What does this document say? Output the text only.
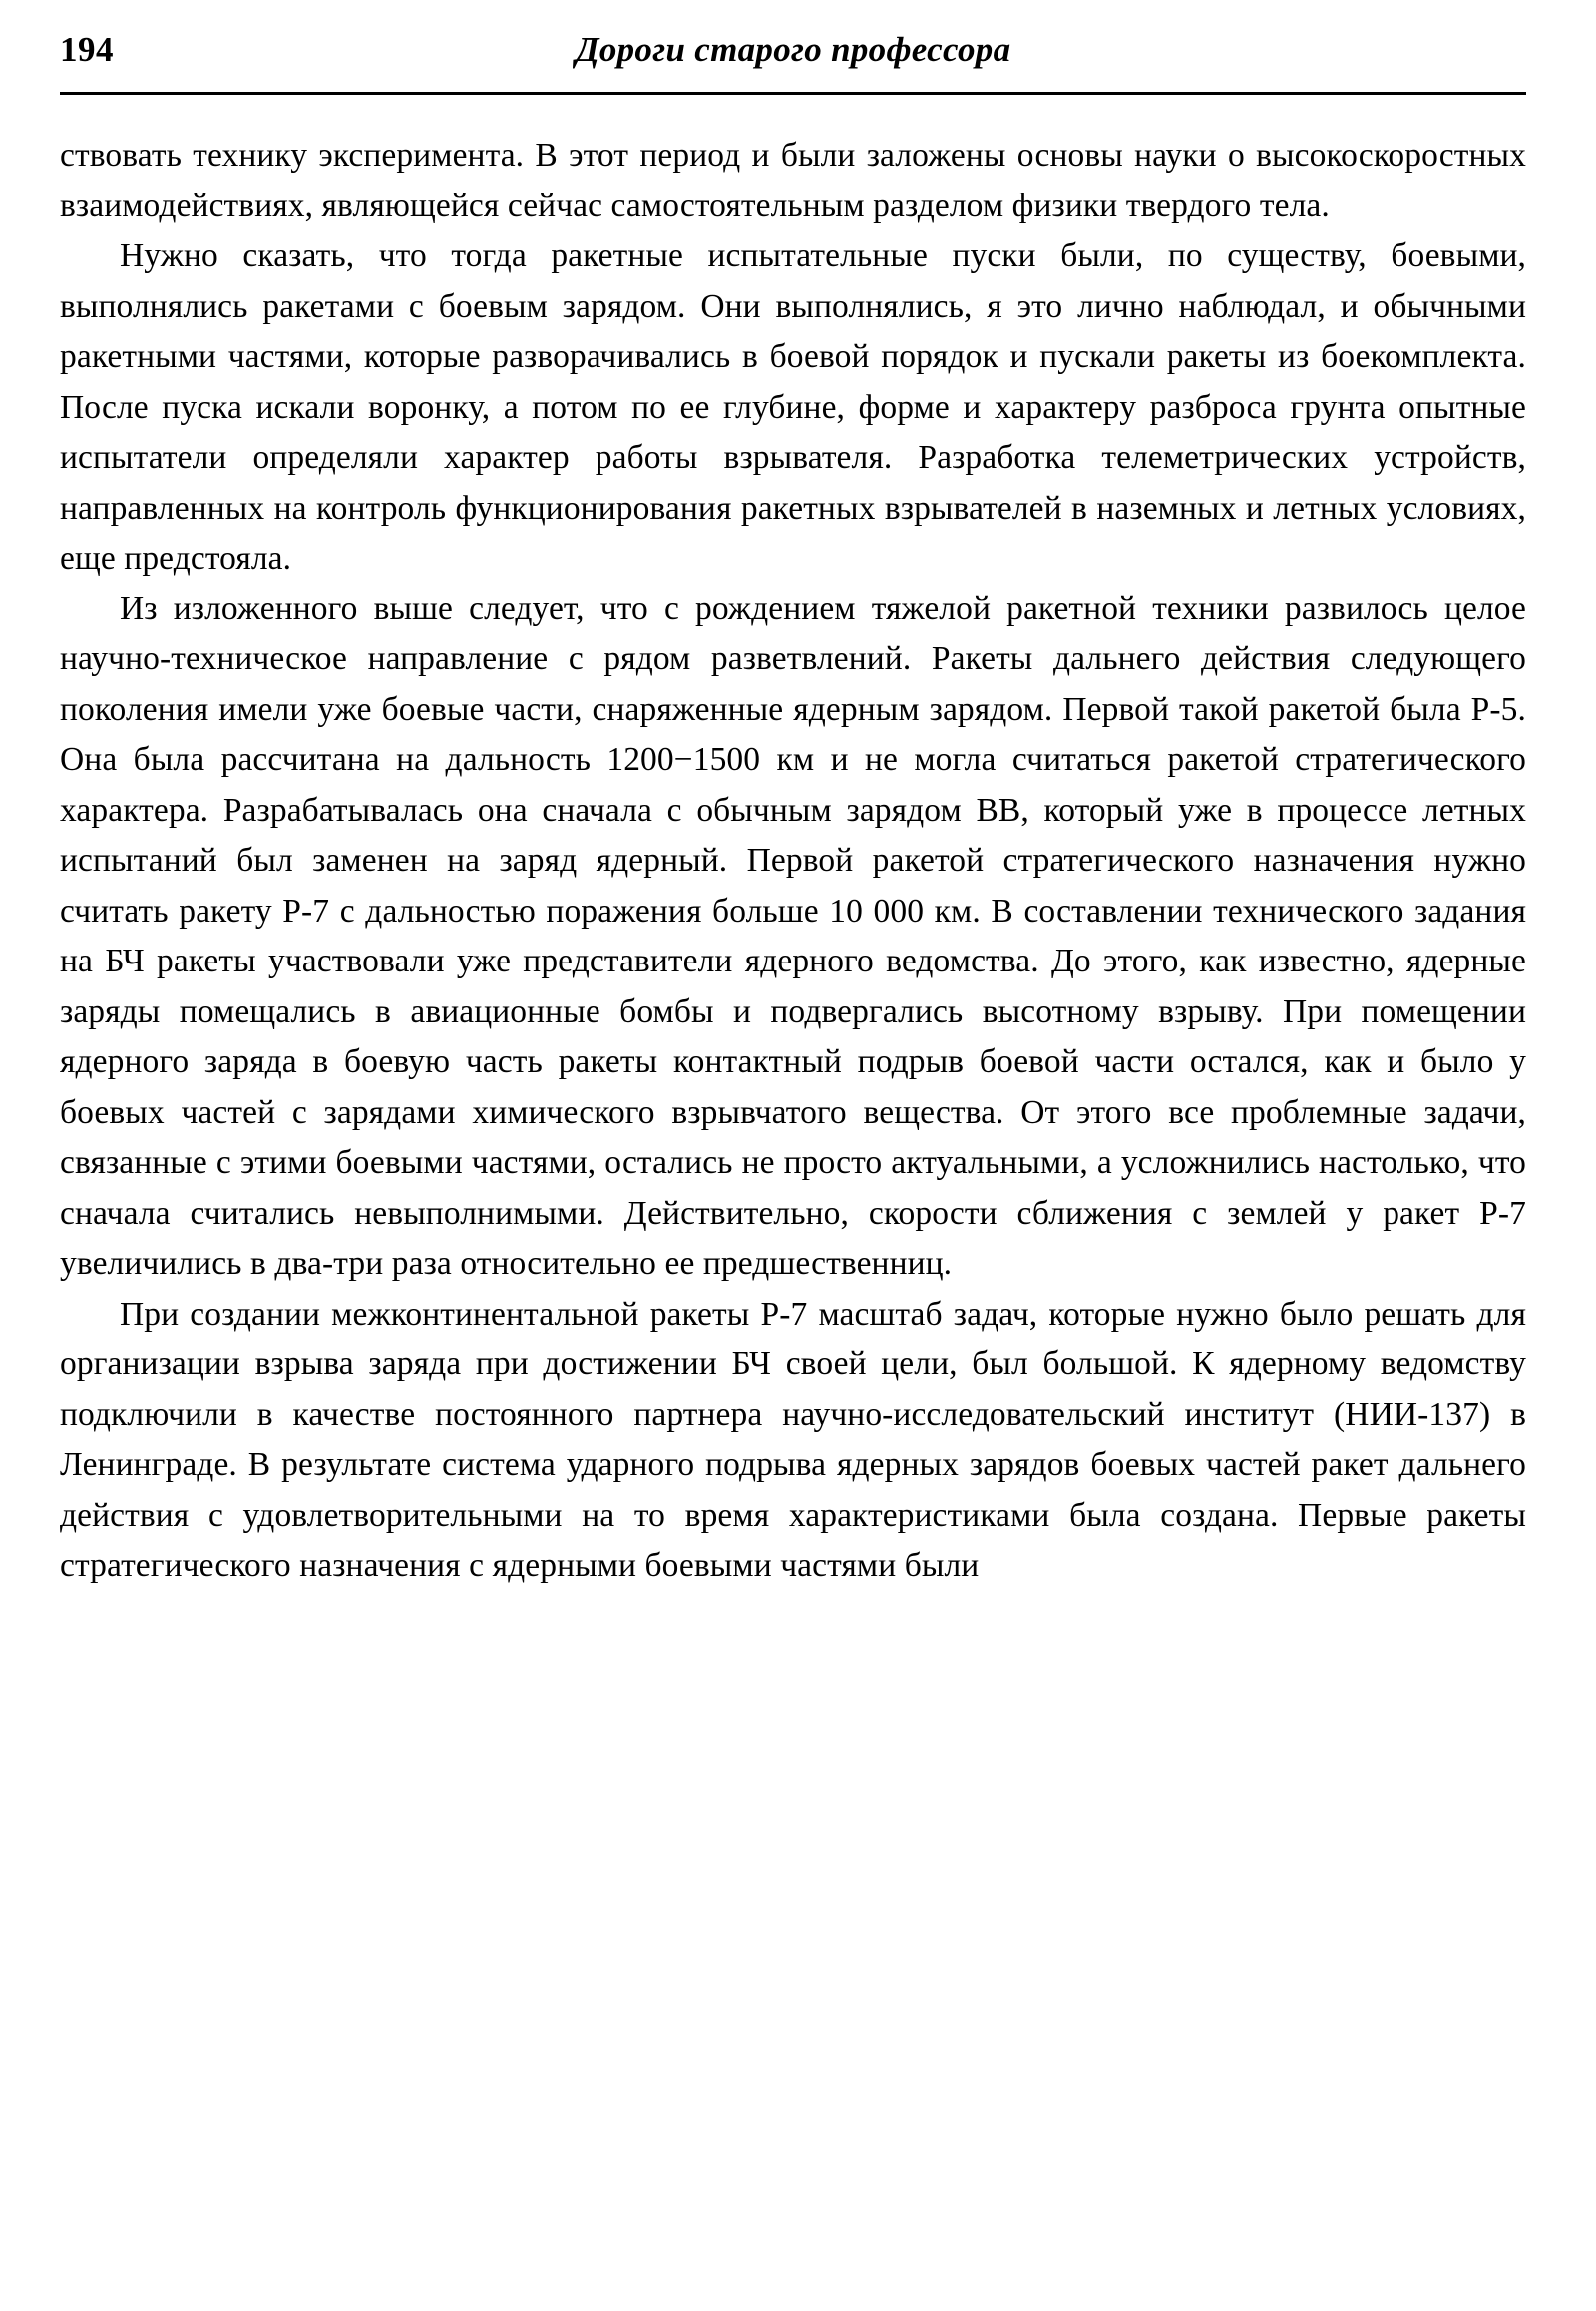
194	Дороги старого профессора

ствовать технику эксперимента. В этот период и были заложены основы науки о высокоскоростных взаимодействиях, являющейся сейчас самостоятельным разделом физики твердого тела.

Нужно сказать, что тогда ракетные испытательные пуски были, по существу, боевыми, выполнялись ракетами с боевым зарядом. Они выполнялись, я это лично наблюдал, и обычными ракетными частями, которые разворачивались в боевой порядок и пускали ракеты из боекомплекта. После пуска искали воронку, а потом по ее глубине, форме и характеру разброса грунта опытные испытатели определяли характер работы взрывателя. Разработка телеметрических устройств, направленных на контроль функционирования ракетных взрывателей в наземных и летных условиях, еще предстояла.

Из изложенного выше следует, что с рождением тяжелой ракетной техники развилось целое научно-техническое направление с рядом разветвлений. Ракеты дальнего действия следующего поколения имели уже боевые части, снаряженные ядерным зарядом. Первой такой ракетой была Р-5. Она была рассчитана на дальность 1200−1500 км и не могла считаться ракетой стратегического характера. Разрабатывалась она сначала с обычным зарядом ВВ, который уже в процессе летных испытаний был заменен на заряд ядерный. Первой ракетой стратегического назначения нужно считать ракету Р-7 с дальностью поражения больше 10 000 км. В составлении технического задания на БЧ ракеты участвовали уже представители ядерного ведомства. До этого, как известно, ядерные заряды помещались в авиационные бомбы и подвергались высотному взрыву. При помещении ядерного заряда в боевую часть ракеты контактный подрыв боевой части остался, как и было у боевых частей с зарядами химического взрывчатого вещества. От этого все проблемные задачи, связанные с этими боевыми частями, остались не просто актуальными, а усложнились настолько, что сначала считались невыполнимыми. Действительно, скорости сближения с землей у ракет Р-7 увеличились в два-три раза относительно ее предшественниц.

При создании межконтинентальной ракеты Р-7 масштаб задач, которые нужно было решать для организации взрыва заряда при достижении БЧ своей цели, был большой. К ядерному ведомству подключили в качестве постоянного партнера научно-исследовательский институт (НИИ-137) в Ленинграде. В результате система ударного подрыва ядерных зарядов боевых частей ракет дальнего действия с удовлетворительными на то время характеристиками была создана. Первые ракеты стратегического назначения с ядерными боевыми частями были
